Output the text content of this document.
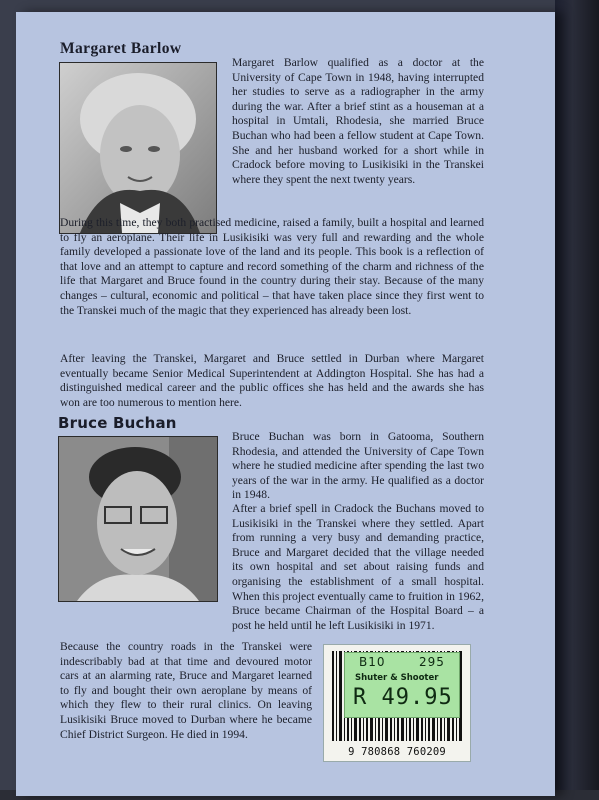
Margaret Barlow

Margaret Barlow qualified as a doctor at the University of Cape Town in 1948, having interrupted her studies to serve as a radiographer in the army during the war. After a brief stint as a houseman at a hospital in Umtali, Rhodesia, she married Bruce Buchan who had been a fellow student at Cape Town. She and her husband worked for a short while in Cradock before moving to Lusikisiki in the Transkei where they spent the next twenty years.

During this time, they both practised medicine, raised a family, built a hospital and learned to fly an aeroplane. Their life in Lusikisiki was very full and rewarding and the whole family developed a passionate love of the land and its people. This book is a reflection of that love and an attempt to capture and record something of the charm and richness of the life that Margaret and Bruce found in the country during their stay. Because of the many changes – cultural, economic and political – that have taken place since they first went to the Transkei much of the magic that they experienced has already been lost.

After leaving the Transkei, Margaret and Bruce settled in Durban where Margaret eventually became Senior Medical Superintendent at Addington Hospital. She has had a distinguished medical career and the public offices she has held and the awards she has won are too numerous to mention here.

Bruce Buchan

Bruce Buchan was born in Gatooma, Southern Rhodesia, and attended the University of Cape Town where he studied medicine after spending the last two years of the war in the army. He qualified as a doctor in 1948.

After a brief spell in Cradock the Buchans moved to Lusikisiki in the Transkei where they settled. Apart from running a very busy and demanding practice, Bruce and Margaret decided that the village needed its own hospital and set about raising funds and organising the establishment of a small hospital. When this project eventually came to fruition in 1962, Bruce became Chairman of the Hospital Board – a post he held until he left Lusikisiki in 1971.

Because the country roads in the Transkei were indescribably bad at that time and devoured motor cars at an alarming rate, Bruce and Margaret learned to fly and bought their own aeroplane by means of which they flew to their rural clinics. On leaving Lusikisiki Bruce moved to Durban where he became Chief District Surgeon. He died in 1994.

9 780868 760209
B10	295
Shuter & Shooter
R 49.95
